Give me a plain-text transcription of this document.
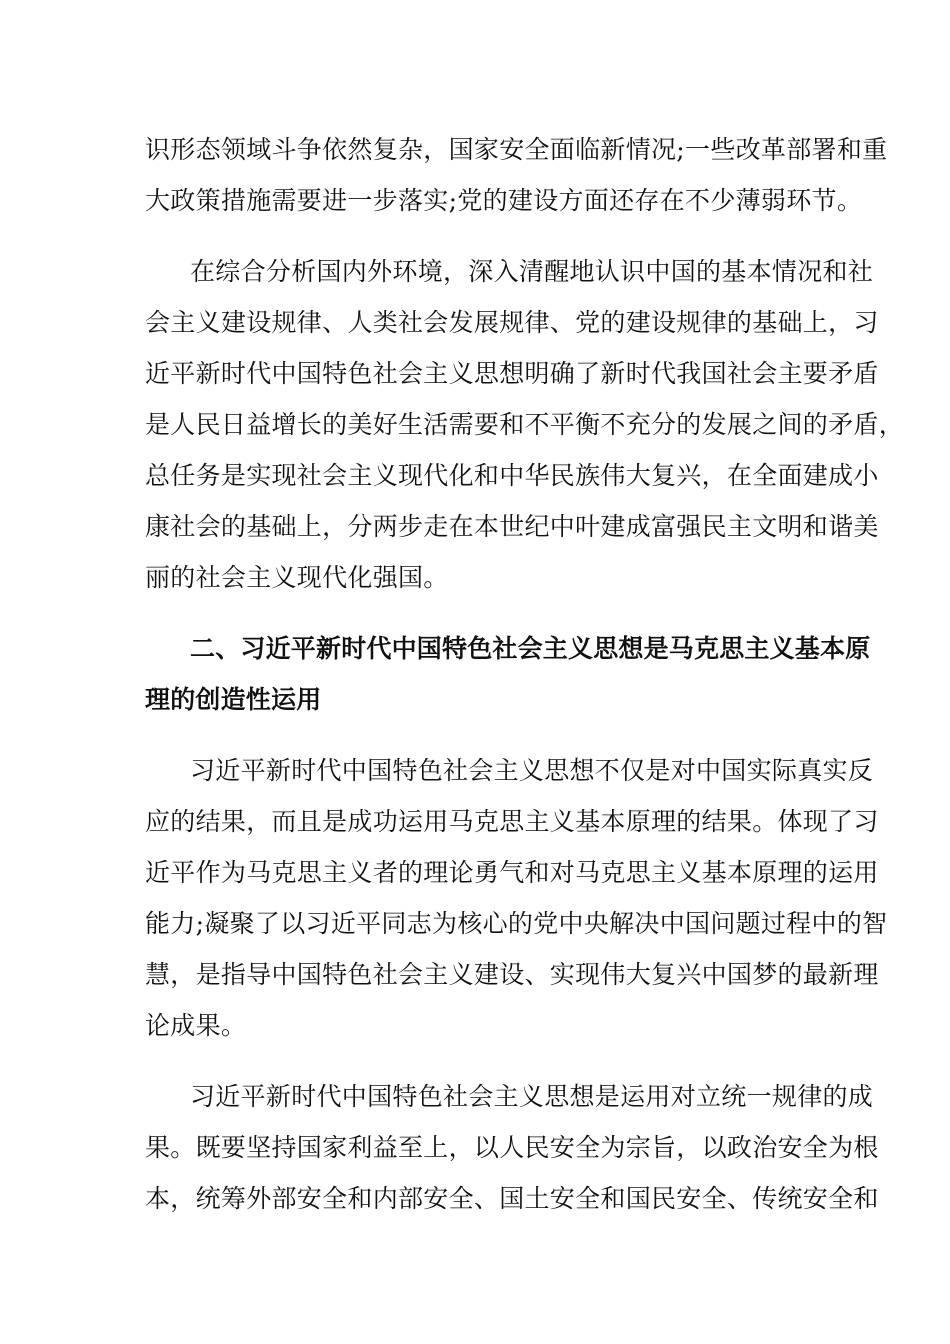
识形态领域斗争依然复杂，国家安全面临新情况;一些改革部署和重
大政策措施需要进一步落实;党的建设方面还存在不少薄弱环节。
在综合分析国内外环境，深入清醒地认识中国的基本情况和社
会主义建设规律、人类社会发展规律、党的建设规律的基础上，习
近平新时代中国特色社会主义思想明确了新时代我国社会主要矛盾
是人民日益增长的美好生活需要和不平衡不充分的发展之间的矛盾，
总任务是实现社会主义现代化和中华民族伟大复兴，在全面建成小
康社会的基础上，分两步走在本世纪中叶建成富强民主文明和谐美
丽的社会主义现代化强国。
二、习近平新时代中国特色社会主义思想是马克思主义基本原
理的创造性运用
习近平新时代中国特色社会主义思想不仅是对中国实际真实反
应的结果，而且是成功运用马克思主义基本原理的结果。体现了习
近平作为马克思主义者的理论勇气和对马克思主义基本原理的运用
能力;凝聚了以习近平同志为核心的党中央解决中国问题过程中的智
慧，是指导中国特色社会主义建设、实现伟大复兴中国梦的最新理
论成果。
习近平新时代中国特色社会主义思想是运用对立统一规律的成
果。既要坚持国家利益至上，以人民安全为宗旨，以政治安全为根
本，统筹外部安全和内部安全、国土安全和国民安全、传统安全和
